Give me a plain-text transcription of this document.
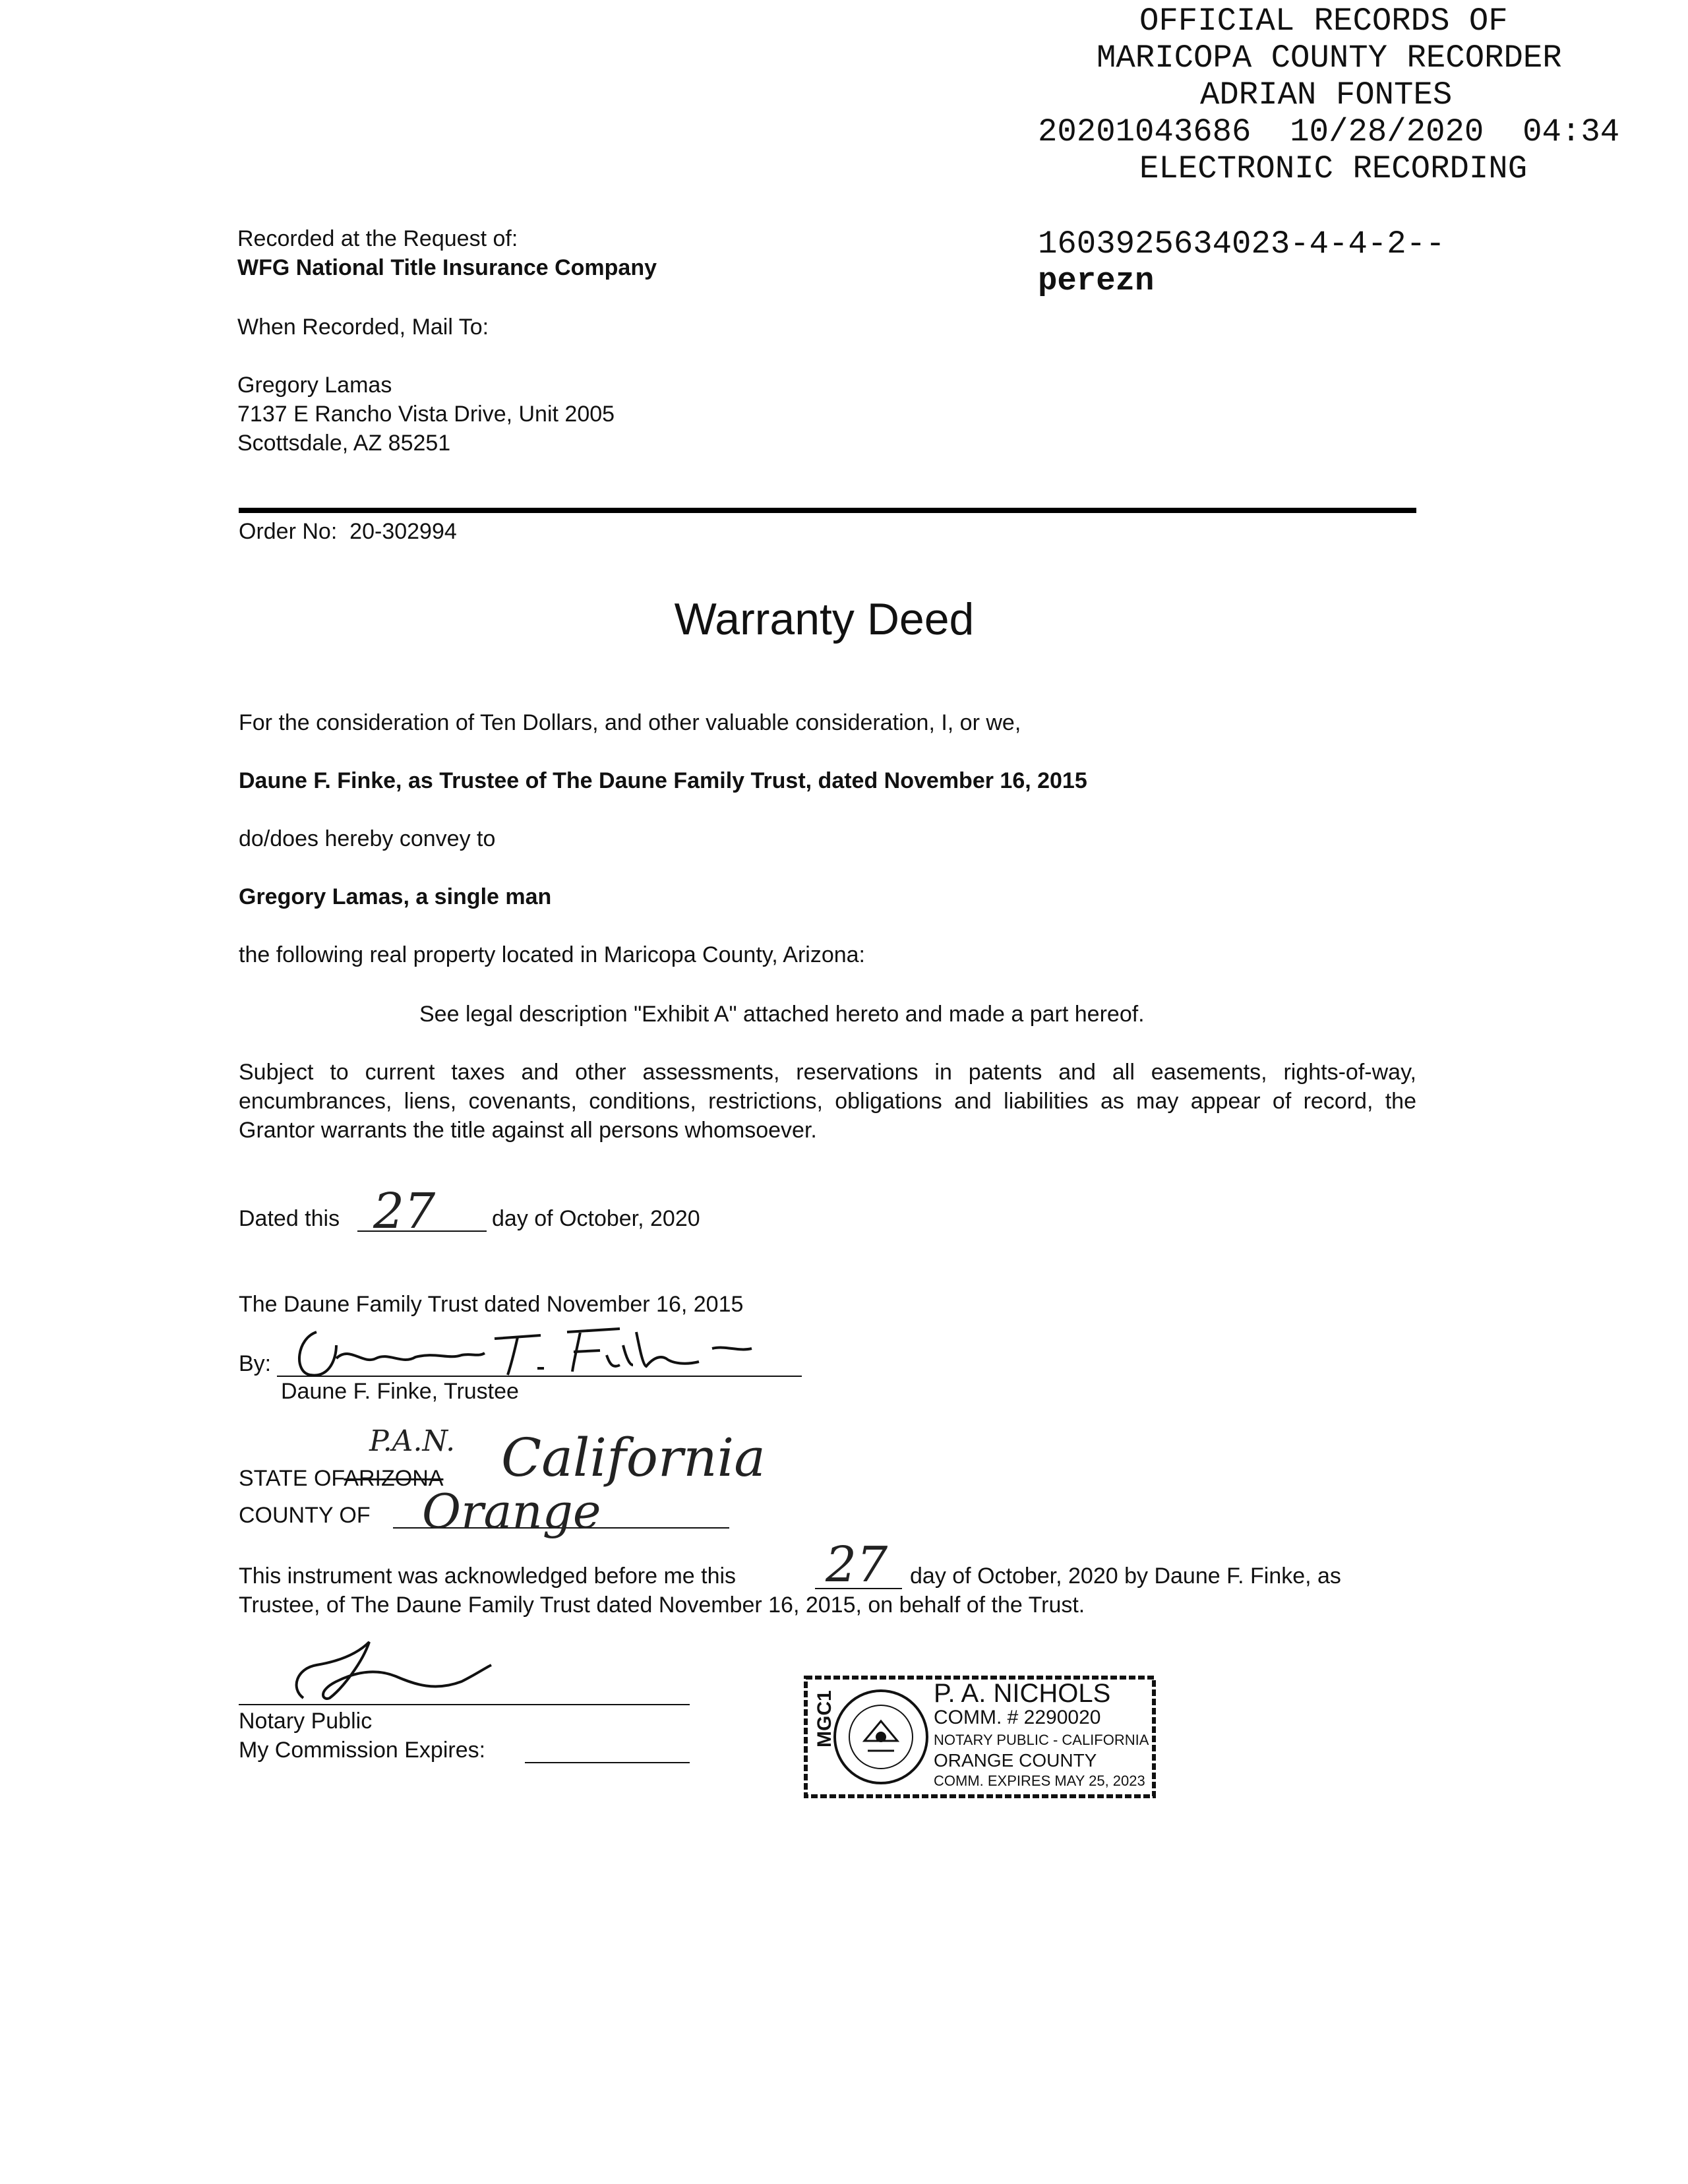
OFFICIAL RECORDS OF
MARICOPA COUNTY RECORDER
ADRIAN FONTES
20201043686  10/28/2020  04:34
ELECTRONIC RECORDING
1603925634023-4-4-2--
perezn
Recorded at the Request of:
WFG National Title Insurance Company
When Recorded, Mail To:
Gregory Lamas
7137 E Rancho Vista Drive, Unit 2005
Scottsdale, AZ 85251
Order No: 20-302994
Warranty Deed
For the consideration of Ten Dollars, and other valuable consideration, I, or we,
Daune F. Finke, as Trustee of The Daune Family Trust, dated November 16, 2015
do/does hereby convey to
Gregory Lamas, a single man
the following real property located in Maricopa County, Arizona:
See legal description "Exhibit A" attached hereto and made a part hereof.
Subject to current taxes and other assessments, reservations in patents and all easements, rights-of-way, encumbrances, liens, covenants, conditions, restrictions, obligations and liabilities as may appear of record, the Grantor warrants the title against all persons whomsoever.
Dated this 27	day of October, 2020
The Daune Family Trust dated November 16, 2015
By:
Daune F. Finke, Trustee
P.A.N.
STATE OFARIZONA California
COUNTY OF Orange
This instrument was acknowledged before me this 27 day of October, 2020 by Daune F. Finke, as
Trustee, of The Daune Family Trust dated November 16, 2015, on behalf of the Trust.
Notary Public
My Commission Expires:
MGC1	P. A. NICHOLS
COMM. # 2290020
NOTARY PUBLIC - CALIFORNIA
ORANGE COUNTY
COMM. EXPIRES MAY 25, 2023
